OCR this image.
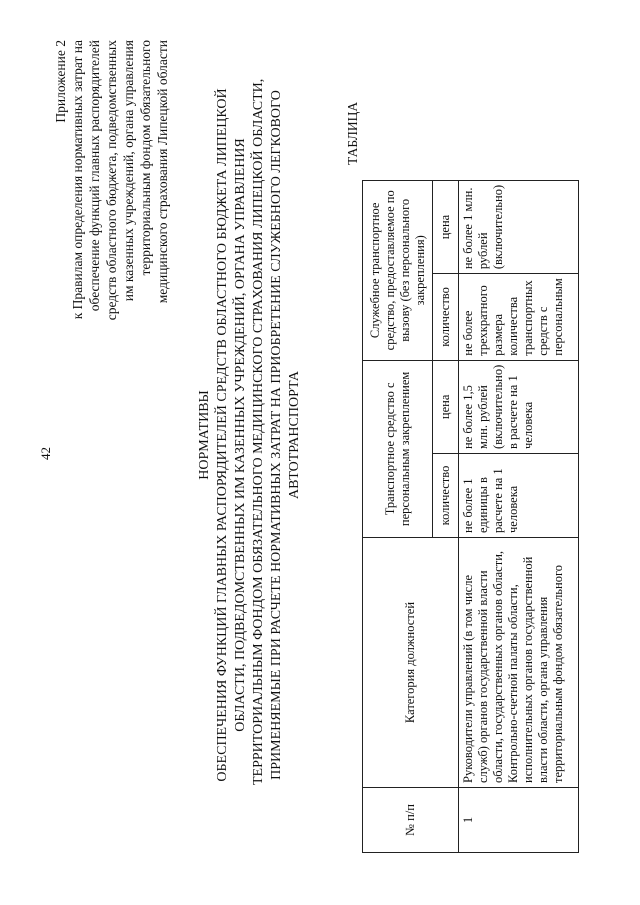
42
Приложение 2 к Правилам определения нормативных затрат на обеспечение функций главных распорядителей средств областного бюджета, подведомственных им казенных учреждений, органа управления территориальным фондом обязательного медицинского страхования Липецкой области
НОРМАТИВЫ ОБЕСПЕЧЕНИЯ ФУНКЦИЙ ГЛАВНЫХ РАСПОРЯДИТЕЛЕЙ СРЕДСТВ ОБЛАСТНОГО БЮДЖЕТА ЛИПЕЦКОЙ ОБЛАСТИ, ПОДВЕДОМСТВЕННЫХ ИМ КАЗЕННЫХ УЧРЕЖДЕНИЙ, ОРГАНА УПРАВЛЕНИЯ ТЕРРИТОРИАЛЬНЫМ ФОНДОМ ОБЯЗАТЕЛЬНОГО МЕДИЦИНСКОГО СТРАХОВАНИЯ ЛИПЕЦКОЙ ОБЛАСТИ, ПРИМЕНЯЕМЫЕ ПРИ РАСЧЕТЕ НОРМАТИВНЫХ ЗАТРАТ НА ПРИОБРЕТЕНИЕ СЛУЖЕБНОГО ЛЕГКОВОГО АВТОТРАНСПОРТА
ТАБЛИЦА
№ п/п	Категория должностей	Транспортное средство с персональным закреплением		Служебное транспортное средство, предоставляемое по вызову (без персонального закрепления)	
		количество	цена	количество	цена
1	Руководители управлений (в том числе служб) органов государственной власти области, государственных органов области, Контрольно-счетной палаты области, исполнительных органов государственной власти области, органа управления территориальным фондом обязательного	не более 1 единицы в расчете на 1 человека	не более 1,5 млн. рублей (включительно) в расчете на 1 человека	не более трехкратного размера количества транспортных средств с персональным	не более 1 млн. рублей (включительно)
